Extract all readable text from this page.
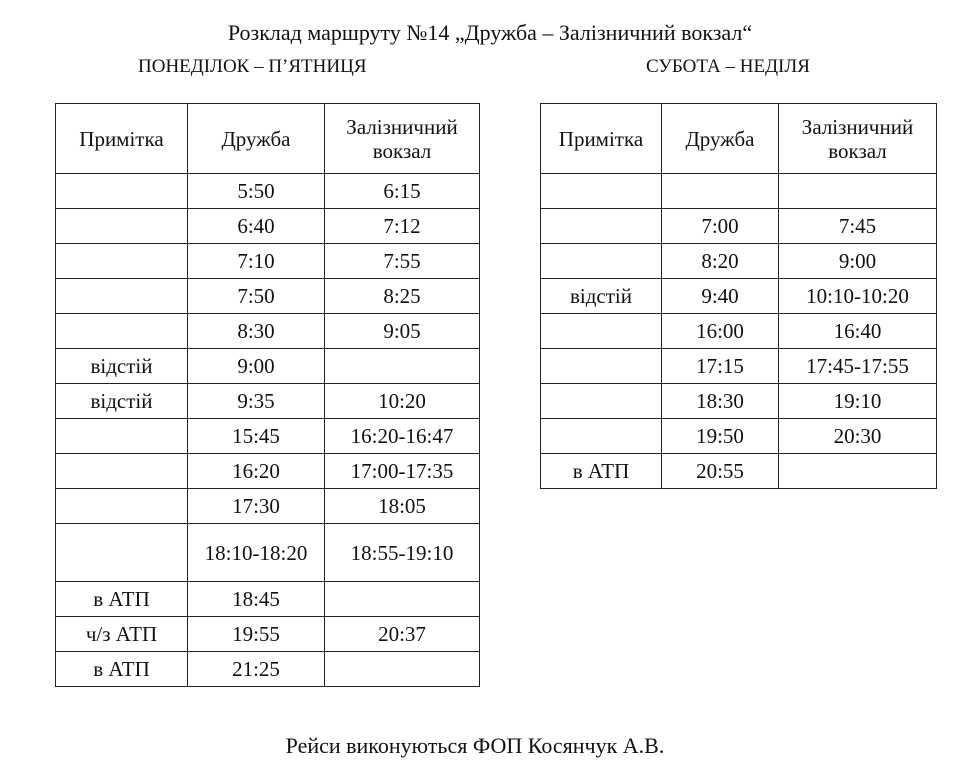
Розклад маршруту №14 „Дружба – Залізничний вокзал“
ПОНЕДІЛОК – П’ЯТНИЦЯ	СУБОТА – НЕДІЛЯ
Примітка	Дружба	Залізничний вокзал
	5:50	6:15
	6:40	7:12
	7:10	7:55
	7:50	8:25
	8:30	9:05
відстій	9:00	
відстій	9:35	10:20
	15:45	16:20-16:47
	16:20	17:00-17:35
	17:30	18:05
	18:10-18:20	18:55-19:10
в АТП	18:45	
ч/з АТП	19:55	20:37
в АТП	21:25	
Примітка	Дружба	Залізничний вокзал

	7:00	7:45
	8:20	9:00
відстій	9:40	10:10-10:20
	16:00	16:40
	17:15	17:45-17:55
	18:30	19:10
	19:50	20:30
в АТП	20:55	
Рейси виконуються ФОП Косянчук А.В.
